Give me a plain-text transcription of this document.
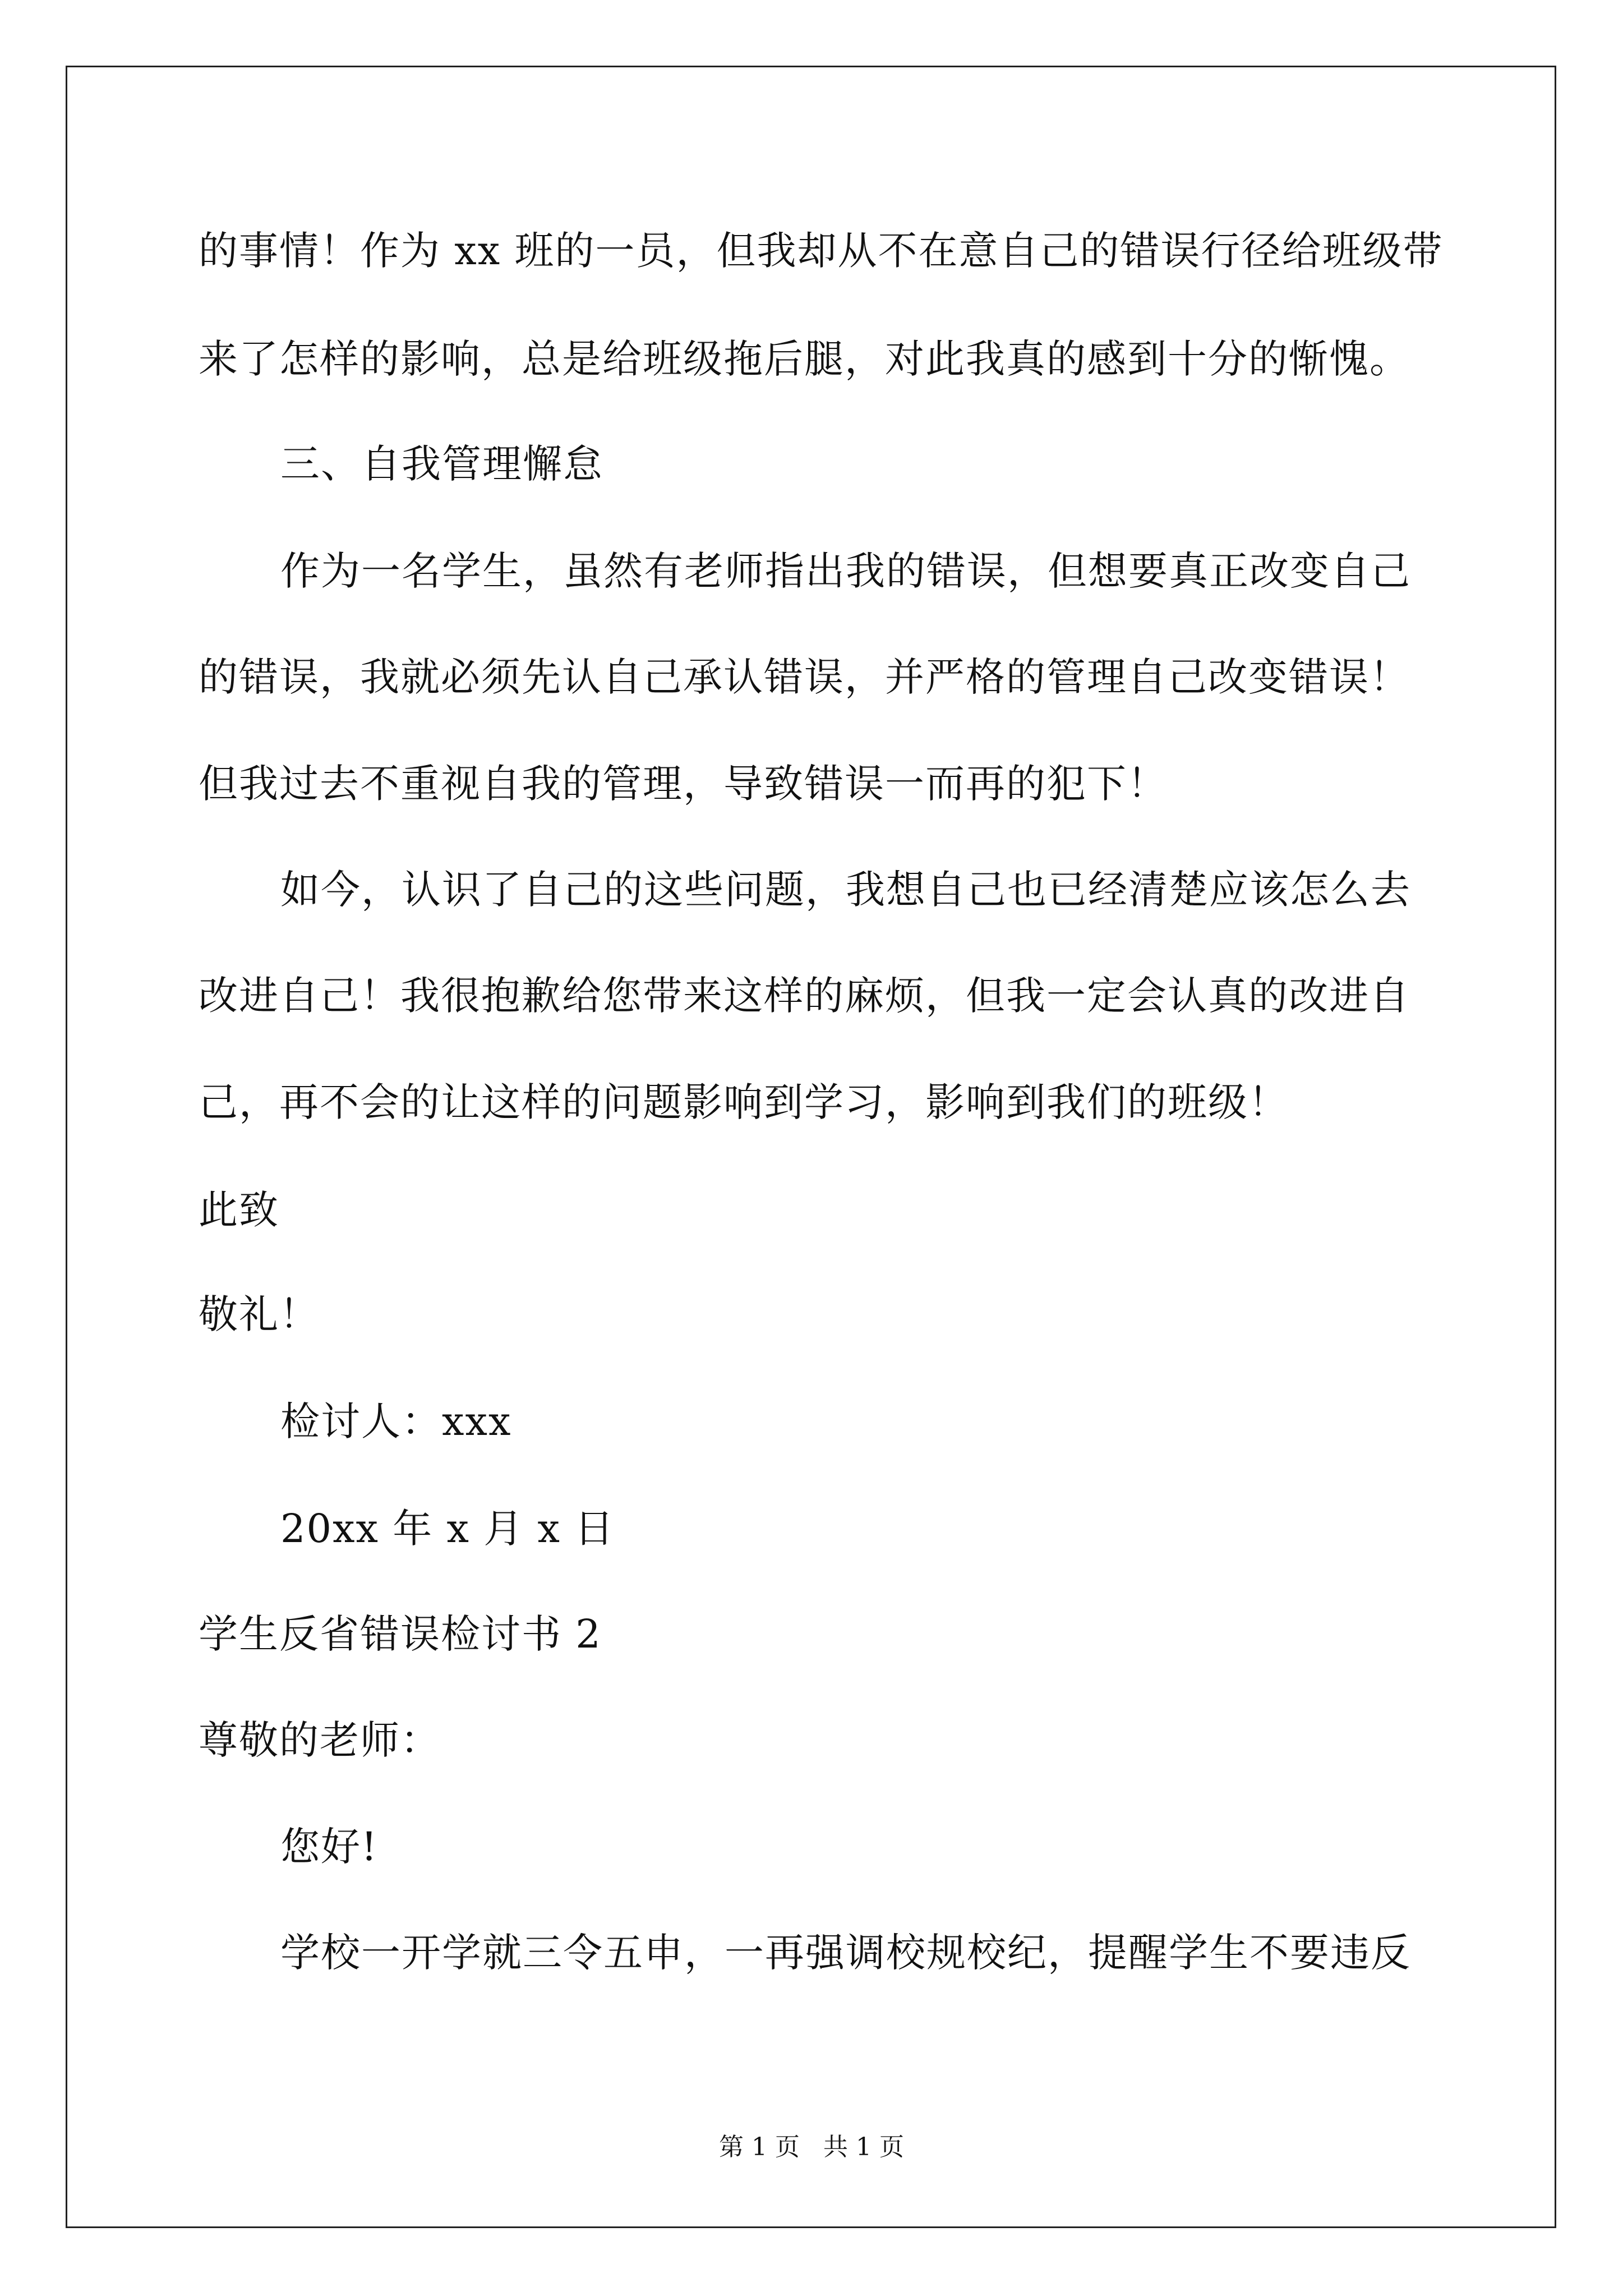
的事情！作为 xx 班的一员，但我却从不在意自己的错误行径给班级带
来了怎样的影响，总是给班级拖后腿，对此我真的感到十分的惭愧。
三、自我管理懈怠
作为一名学生，虽然有老师指出我的错误，但想要真正改变自己
的错误，我就必须先认自己承认错误，并严格的管理自己改变错误！
但我过去不重视自我的管理，导致错误一而再的犯下！
如今，认识了自己的这些问题，我想自己也已经清楚应该怎么去
改进自己！我很抱歉给您带来这样的麻烦，但我一定会认真的改进自
己，再不会的让这样的问题影响到学习，影响到我们的班级！
此致
敬礼！
检讨人：xxx
20xx 年 x 月 x 日
学生反省错误检讨书 2
尊敬的老师：
您好!
学校一开学就三令五申，一再强调校规校纪，提醒学生不要违反
第 1 页   共 1 页
